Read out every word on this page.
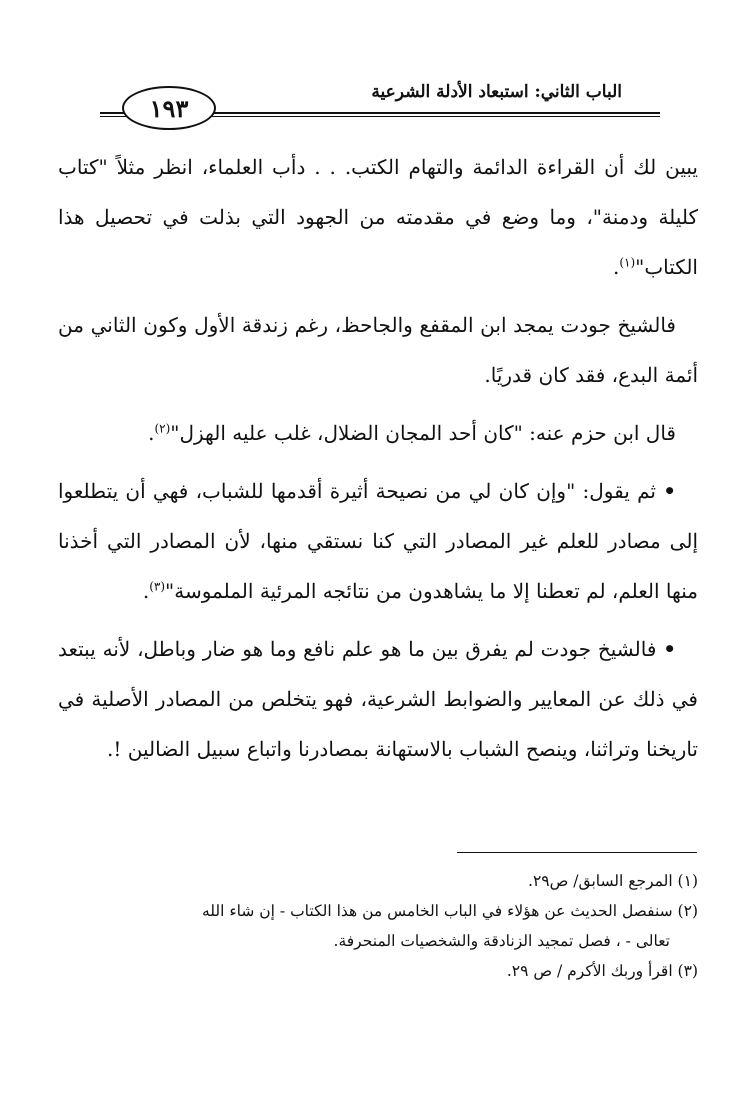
الباب الثاني: استبعاد الأدلة الشرعية
١٩٣

يبين لك أن القراءة الدائمة والتهام الكتب. . . دأب العلماء، انظر مثلاً "كتاب كليلة ودمنة"، وما وضع في مقدمته من الجهود التي بذلت في تحصيل هذا الكتاب"$^{(١)}$.

فالشيخ جودت يمجد ابن المقفع والجاحظ، رغم زندقة الأول وكون الثاني من أئمة البدع، فقد كان قدريًا.

قال ابن حزم عنه: "كان أحد المجان الضلال، غلب عليه الهزل"$^{(٢)}$.

• ثم يقول: "وإن كان لي من نصيحة أثيرة أقدمها للشباب، فهي أن يتطلعوا إلى مصادر للعلم غير المصادر التي كنا نستقي منها، لأن المصادر التي أخذنا منها العلم، لم تعطنا إلا ما يشاهدون من نتائجه المرئية الملموسة"$^{(٣)}$.

• فالشيخ جودت لم يفرق بين ما هو علم نافع وما هو ضار وباطل، لأنه يبتعد في ذلك عن المعايير والضوابط الشرعية، فهو يتخلص من المصادر الأصلية في تاريخنا وتراثنا، وينصح الشباب بالاستهانة بمصادرنا واتباع سبيل الضالين !.

(١) المرجع السابق/ ص٢٩.

(٢) سنفصل الحديث عن هؤلاء في الباب الخامس من هذا الكتاب - إن شاء الله

تعالى - ، فصل تمجيد الزنادقة والشخصيات المنحرفة.

(٣) اقرأ وربك الأكرم / ص ٢٩.
